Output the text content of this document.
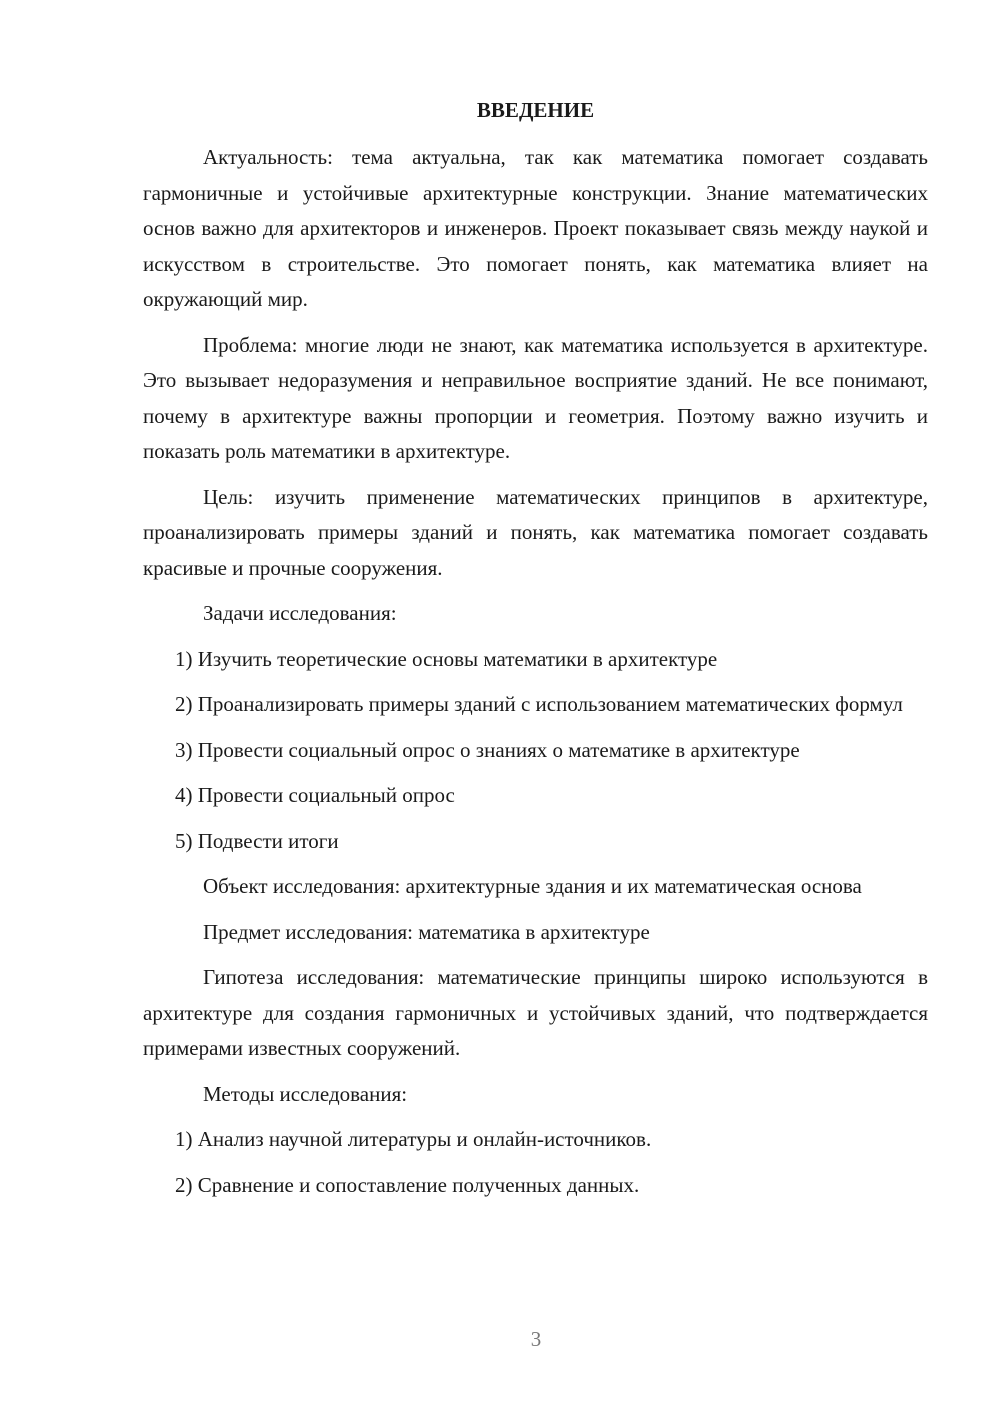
ВВЕДЕНИЕ

Актуальность: тема актуальна, так как математика помогает создавать гармоничные и устойчивые архитектурные конструкции. Знание математических основ важно для архитекторов и инженеров. Проект показывает связь между наукой и искусством в строительстве. Это помогает понять, как математика влияет на окружающий мир.

Проблема: многие люди не знают, как математика используется в архитектуре. Это вызывает недоразумения и неправильное восприятие зданий. Не все понимают, почему в архитектуре важны пропорции и геометрия. Поэтому важно изучить и показать роль математики в архитектуре.

Цель: изучить применение математических принципов в архитектуре, проанализировать примеры зданий и понять, как математика помогает создавать красивые и прочные сооружения.

Задачи исследования:

1) Изучить теоретические основы математики в архитектуре

2) Проанализировать примеры зданий с использованием математических формул

3) Провести социальный опрос о знаниях о математике в архитектуре

4) Провести социальный опрос

5) Подвести итоги

Объект исследования: архитектурные здания и их математическая основа

Предмет исследования: математика в архитектуре

Гипотеза исследования: математические принципы широко используются в архитектуре для создания гармоничных и устойчивых зданий, что подтверждается примерами известных сооружений.

Методы исследования:

1) Анализ научной литературы и онлайн-источников.

2) Сравнение и сопоставление полученных данных.

3
